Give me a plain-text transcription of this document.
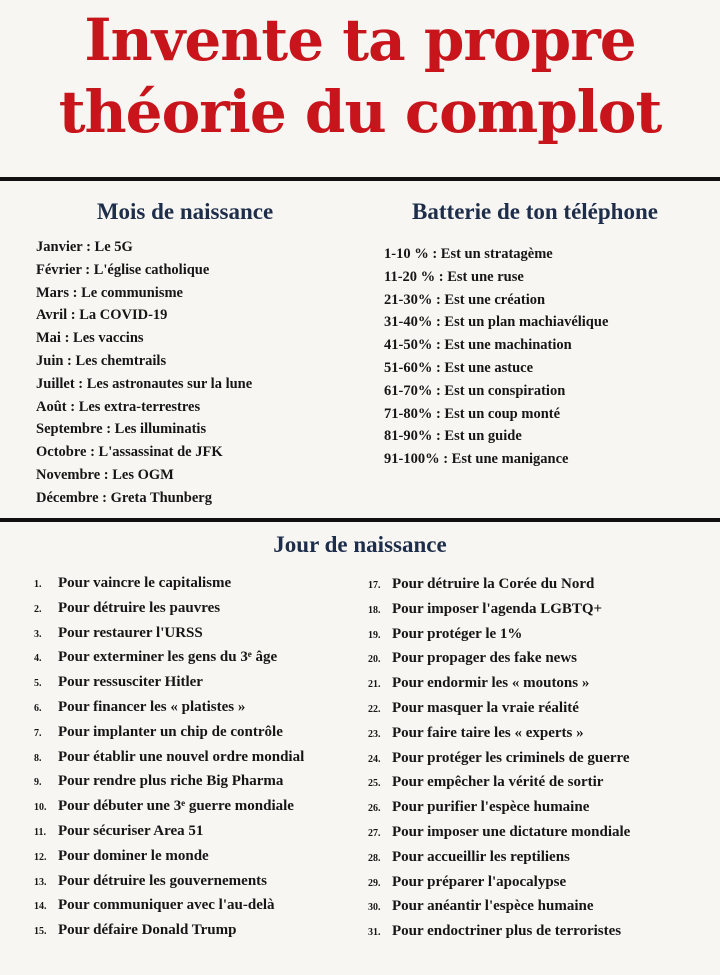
Invente ta propre
théorie du complot
Mois de naissance	Batterie de ton téléphone
Janvier : Le 5G
Février : L'église catholique
Mars : Le communisme
Avril : La COVID-19
Mai : Les vaccins
Juin : Les chemtrails
Juillet : Les astronautes sur la lune
Août : Les extra-terrestres
Septembre : Les illuminatis
Octobre : L'assassinat de JFK
Novembre : Les OGM
Décembre : Greta Thunberg
1-10 % : Est un stratagème
11-20 % : Est une ruse
21-30% : Est une création
31-40% : Est un plan machiavélique
41-50% : Est une machination
51-60% : Est une astuce
61-70% : Est un conspiration
71-80% : Est un coup monté
81-90% : Est un guide
91-100% : Est une manigance
Jour de naissance
1. Pour vaincre le capitalisme
2. Pour détruire les pauvres
3. Pour restaurer l'URSS
4. Pour exterminer les gens du 3ᵉ âge
5. Pour ressusciter Hitler
6. Pour financer les « platistes »
7. Pour implanter un chip de contrôle
8. Pour établir une nouvel ordre mondial
9. Pour rendre plus riche Big Pharma
10. Pour débuter une 3ᵉ guerre mondiale
11. Pour sécuriser Area 51
12. Pour dominer le monde
13. Pour détruire les gouvernements
14. Pour communiquer avec l'au-delà
15. Pour défaire Donald Trump
17. Pour détruire la Corée du Nord
18. Pour imposer l'agenda LGBTQ+
19. Pour protéger le 1%
20. Pour propager des fake news
21. Pour endormir les « moutons »
22. Pour masquer la vraie réalité
23. Pour faire taire les « experts »
24. Pour protéger les criminels de guerre
25. Pour empêcher la vérité de sortir
26. Pour purifier l'espèce humaine
27. Pour imposer une dictature mondiale
28. Pour accueillir les reptiliens
29. Pour préparer l'apocalypse
30. Pour anéantir l'espèce humaine
31. Pour endoctriner plus de terroristes
